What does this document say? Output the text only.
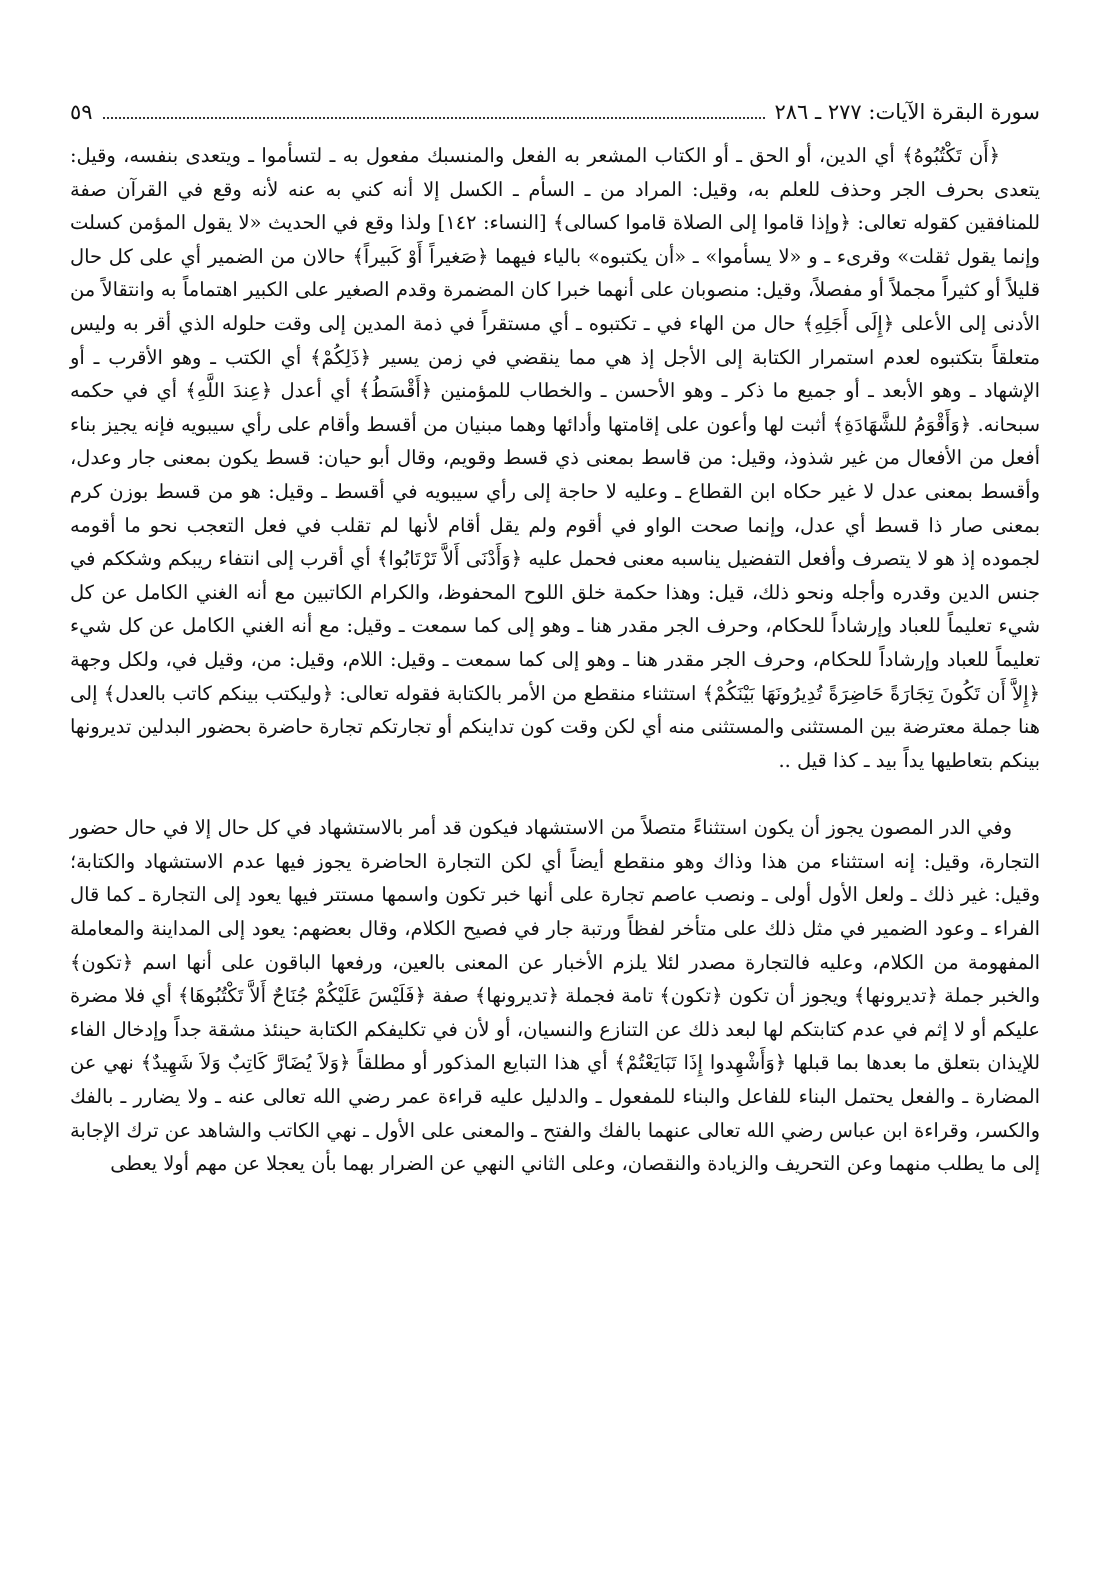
سورة البقرة الآيات: ٢٧٧ ـ ٢٨٦
٥٩

﴿أَن تَكْتُبُوهُ﴾ أي الدين، أو الحق ـ أو الكتاب المشعر به الفعل والمنسبك مفعول به ـ لتسأموا ـ ويتعدى بنفسه، وقيل: يتعدى بحرف الجر وحذف للعلم به، وقيل: المراد من ـ السأم ـ الكسل إلا أنه كني به عنه لأنه وقع في القرآن صفة للمنافقين كقوله تعالى: ﴿وإذا قاموا إلى الصلاة قاموا كسالى﴾ [النساء: ١٤٢] ولذا وقع في الحديث «لا يقول المؤمن كسلت وإنما يقول ثقلت» وقرىء ـ و «لا يسأموا» ـ «أن يكتبوه» بالياء فيهما ﴿صَغيراً أَوْ كَبيراً﴾ حالان من الضمير أي على كل حال قليلاً أو كثيراً مجملاً أو مفصلاً، وقيل: منصوبان على أنهما خبرا كان المضمرة وقدم الصغير على الكبير اهتماماً به وانتقالاً من الأدنى إلى الأعلى ﴿إِلَى أَجَلِهِ﴾ حال من الهاء في ـ تكتبوه ـ أي مستقراً في ذمة المدين إلى وقت حلوله الذي أقر به وليس متعلقاً بتكتبوه لعدم استمرار الكتابة إلى الأجل إذ هي مما ينقضي في زمن يسير ﴿ذَلِكُمْ﴾ أي الكتب ـ وهو الأقرب ـ أو الإشهاد ـ وهو الأبعد ـ أو جميع ما ذكر ـ وهو الأحسن ـ والخطاب للمؤمنين ﴿أَقْسَطُ﴾ أي أعدل ﴿عِندَ اللَّهِ﴾ أي في حكمه سبحانه. ﴿وَأَقْوَمُ للشَّهَادَةِ﴾ أثبت لها وأعون على إقامتها وأدائها وهما مبنيان من أقسط وأقام على رأي سيبويه فإنه يجيز بناء أفعل من الأفعال من غير شذوذ، وقيل: من قاسط بمعنى ذي قسط وقويم، وقال أبو حيان: قسط يكون بمعنى جار وعدل، وأقسط بمعنى عدل لا غير حكاه ابن القطاع ـ وعليه لا حاجة إلى رأي سيبويه في أقسط ـ وقيل: هو من قسط بوزن كرم بمعنى صار ذا قسط أي عدل، وإنما صحت الواو في أقوم ولم يقل أقام لأنها لم تقلب في فعل التعجب نحو ما أقومه لجموده إذ هو لا يتصرف وأفعل التفضيل يناسبه معنى فحمل عليه ﴿وَأَدْنَى أَلاَّ تَرْتَابُوا﴾ أي أقرب إلى انتفاء ريبكم وشككم في جنس الدين وقدره وأجله ونحو ذلك، قيل: وهذا حكمة خلق اللوح المحفوظ، والكرام الكاتبين مع أنه الغني الكامل عن كل شيء تعليماً للعباد وإرشاداً للحكام، وحرف الجر مقدر هنا ـ وهو إلى كما سمعت ـ وقيل: مع أنه الغني الكامل عن كل شيء تعليماً للعباد وإرشاداً للحكام، وحرف الجر مقدر هنا ـ وهو إلى كما سمعت ـ وقيل: اللام، وقيل: من، وقيل في، ولكل وجهة ﴿إِلاَّ أَن تَكُونَ تِجَارَةً حَاضِرَةً تُدِيرُونَهَا بَيْنَكُمْ﴾ استثناء منقطع من الأمر بالكتابة فقوله تعالى: ﴿وليكتب بينكم كاتب بالعدل﴾ إلى هنا جملة معترضة بين المستثنى والمستثنى منه أي لكن وقت كون تداينكم أو تجارتكم تجارة حاضرة بحضور البدلين تديرونها بينكم بتعاطيها يداً بيد ـ كذا قيل ..

وفي الدر المصون يجوز أن يكون استثناءً متصلاً من الاستشهاد فيكون قد أمر بالاستشهاد في كل حال إلا في حال حضور التجارة، وقيل: إنه استثناء من هذا وذاك وهو منقطع أيضاً أي لكن التجارة الحاضرة يجوز فيها عدم الاستشهاد والكتابة؛ وقيل: غير ذلك ـ ولعل الأول أولى ـ ونصب عاصم تجارة على أنها خبر تكون واسمها مستتر فيها يعود إلى التجارة ـ كما قال الفراء ـ وعود الضمير في مثل ذلك على متأخر لفظاً ورتبة جار في فصيح الكلام، وقال بعضهم: يعود إلى المداينة والمعاملة المفهومة من الكلام، وعليه فالتجارة مصدر لئلا يلزم الأخبار عن المعنى بالعين، ورفعها الباقون على أنها اسم ﴿تكون﴾ والخبر جملة ﴿تديرونها﴾ ويجوز أن تكون ﴿تكون﴾ تامة فجملة ﴿تديرونها﴾ صفة ﴿فَلَيْسَ عَلَيْكُمْ جُنَاحٌ أَلاَّ تَكْتُبُوهَا﴾ أي فلا مضرة عليكم أو لا إثم في عدم كتابتكم لها لبعد ذلك عن التنازع والنسيان، أو لأن في تكليفكم الكتابة حينئذ مشقة جداً وإدخال الفاء للإيذان بتعلق ما بعدها بما قبلها ﴿وَأَشْهِدوا إِذَا تَبَايَعْتُمْ﴾ أي هذا التبايع المذكور أو مطلقاً ﴿وَلاَ يُضَارَّ كَاتِبٌ وَلاَ شَهِيدٌ﴾ نهي عن المضارة ـ والفعل يحتمل البناء للفاعل والبناء للمفعول ـ والدليل عليه قراءة عمر رضي الله تعالى عنه ـ ولا يضارر ـ بالفك والكسر، وقراءة ابن عباس رضي الله تعالى عنهما بالفك والفتح ـ والمعنى على الأول ـ نهي الكاتب والشاهد عن ترك الإجابة إلى ما يطلب منهما وعن التحريف والزيادة والنقصان، وعلى الثاني النهي عن الضرار بهما بأن يعجلا عن مهم أولا يعطى
